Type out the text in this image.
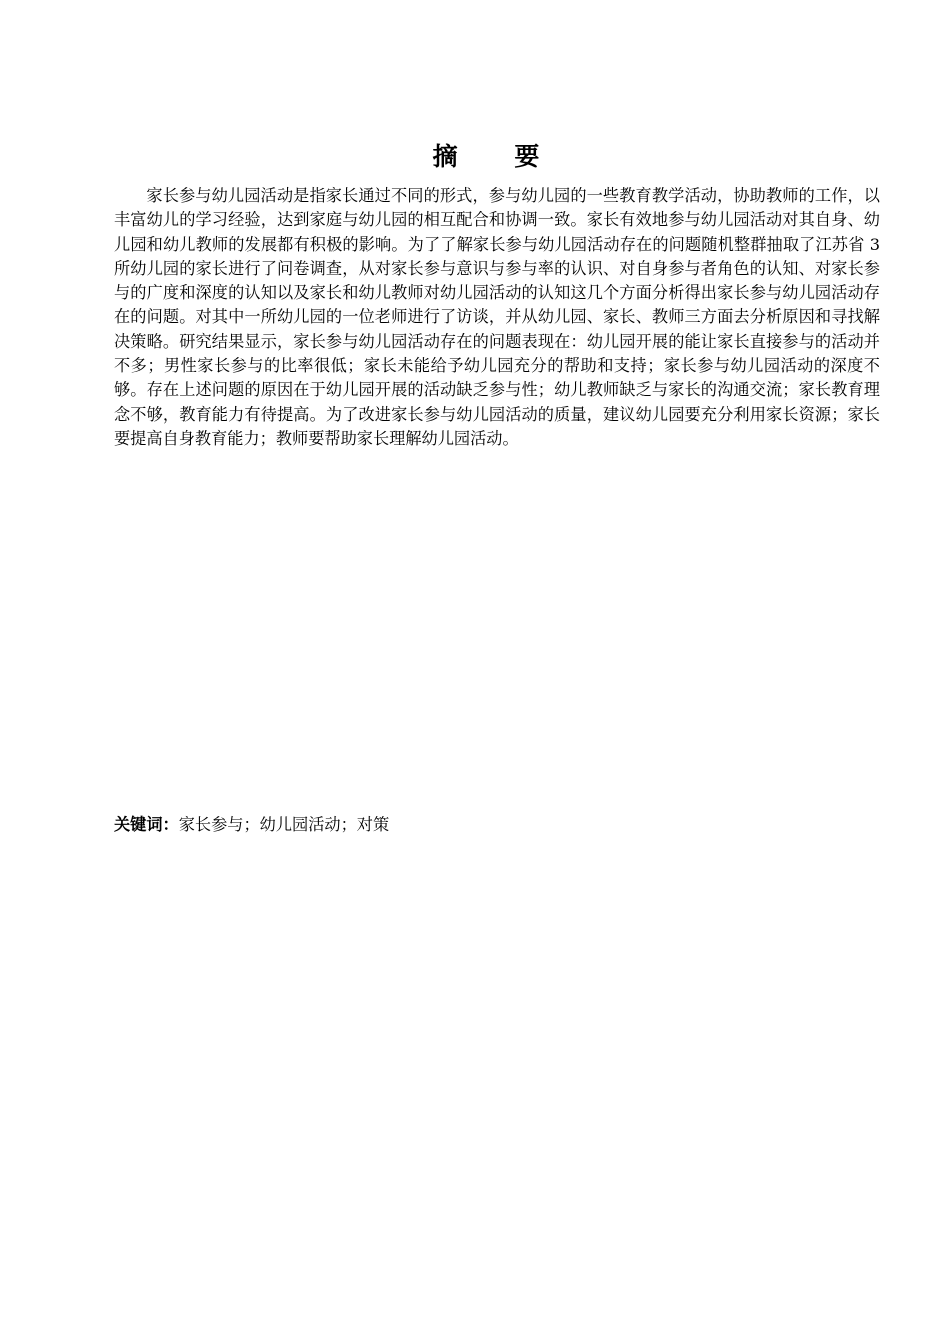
摘 要

家长参与幼儿园活动是指家长通过不同的形式，参与幼儿园的一些教育教学活动，协助教师的工作，以丰富幼儿的学习经验，达到家庭与幼儿园的相互配合和协调一致。家长有效地参与幼儿园活动对其自身、幼儿园和幼儿教师的发展都有积极的影响。为了了解家长参与幼儿园活动存在的问题随机整群抽取了江苏省 3 所幼儿园的家长进行了问卷调查，从对家长参与意识与参与率的认识、对自身参与者角色的认知、对家长参与的广度和深度的认知以及家长和幼儿教师对幼儿园活动的认知这几个方面分析得出家长参与幼儿园活动存在的问题。对其中一所幼儿园的一位老师进行了访谈，并从幼儿园、家长、教师三方面去分析原因和寻找解决策略。研究结果显示，家长参与幼儿园活动存在的问题表现在：幼儿园开展的能让家长直接参与的活动并不多；男性家长参与的比率很低；家长未能给予幼儿园充分的帮助和支持；家长参与幼儿园活动的深度不够。存在上述问题的原因在于幼儿园开展的活动缺乏参与性；幼儿教师缺乏与家长的沟通交流；家长教育理念不够，教育能力有待提高。为了改进家长参与幼儿园活动的质量，建议幼儿园要充分利用家长资源；家长要提高自身教育能力；教师要帮助家长理解幼儿园活动。

关键词：家长参与；幼儿园活动；对策
